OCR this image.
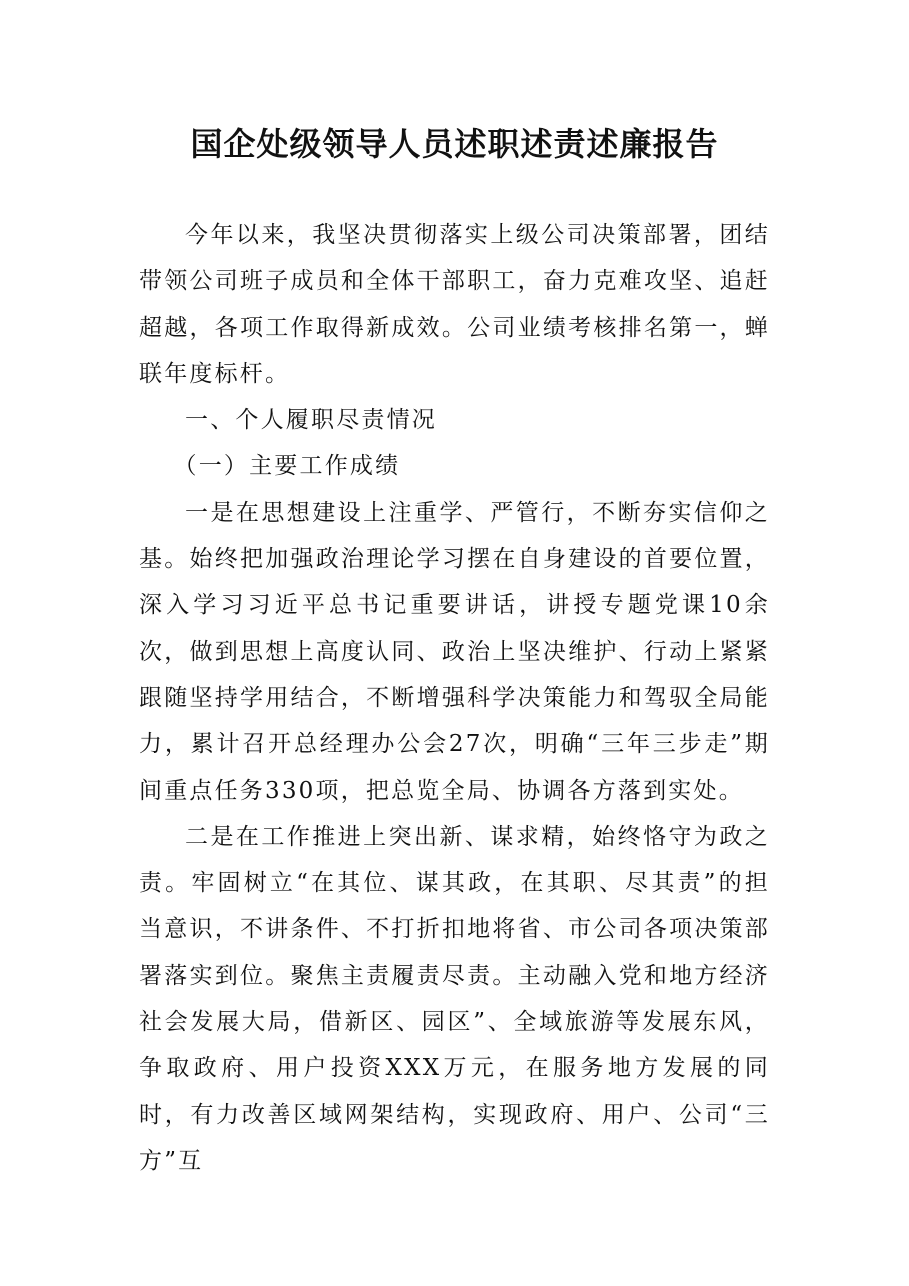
国企处级领导人员述职述责述廉报告

今年以来，我坚决贯彻落实上级公司决策部署，团结带领公司班子成员和全体干部职工，奋力克难攻坚、追赶超越，各项工作取得新成效。公司业绩考核排名第一，蝉联年度标杆。

一、个人履职尽责情况

（一）主要工作成绩

一是在思想建设上注重学、严管行，不断夯实信仰之基。始终把加强政治理论学习摆在自身建设的首要位置，深入学习习近平总书记重要讲话，讲授专题党课10余次，做到思想上高度认同、政治上坚决维护、行动上紧紧跟随坚持学用结合，不断增强科学决策能力和驾驭全局能力，累计召开总经理办公会27次，明确“三年三步走”期间重点任务330项，把总览全局、协调各方落到实处。

二是在工作推进上突出新、谋求精，始终恪守为政之责。牢固树立“在其位、谋其政，在其职、尽其责”的担当意识，不讲条件、不打折扣地将省、市公司各项决策部署落实到位。聚焦主责履责尽责。主动融入党和地方经济社会发展大局，借新区、园区”、全域旅游等发展东风，争取政府、用户投资XXX万元，在服务地方发展的同时，有力改善区域网架结构，实现政府、用户、公司“三方”互
